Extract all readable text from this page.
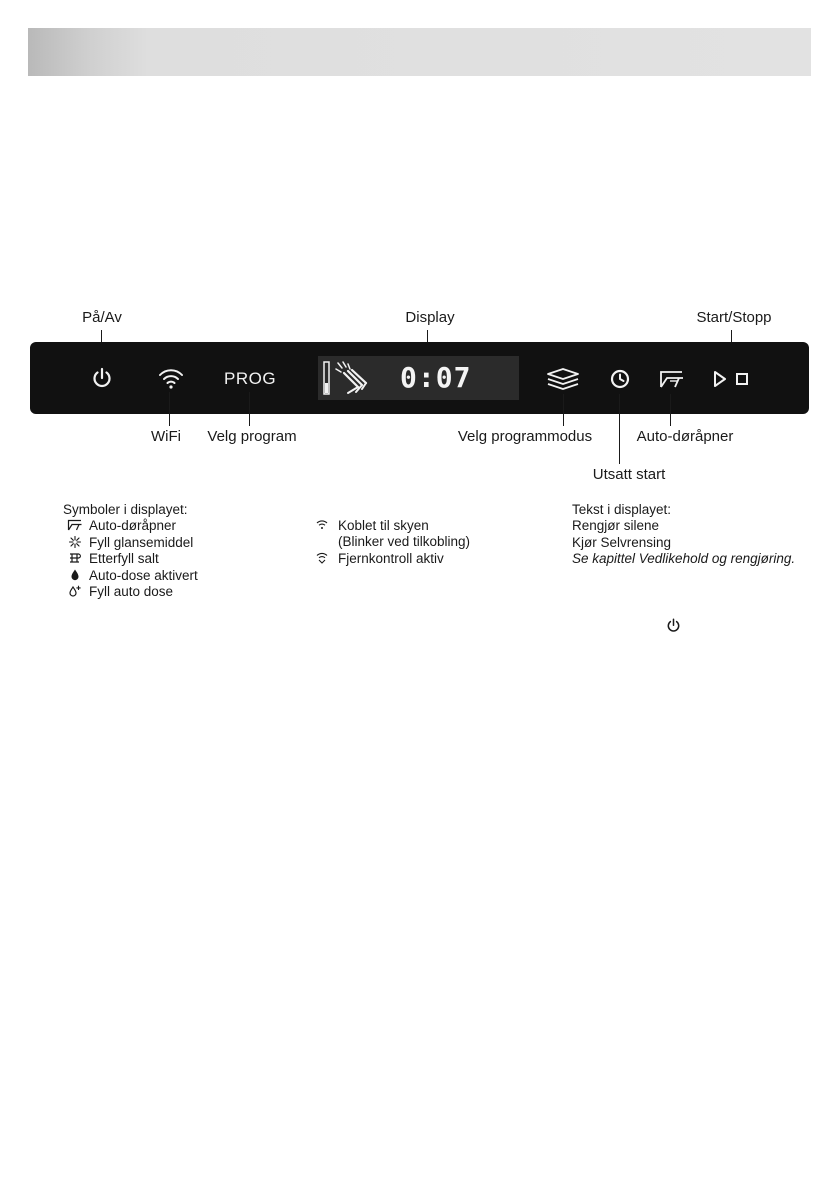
På/Av	Display	Start/Stopp
PROG	0:07
WiFi Velg program	Velg programmodus	Auto-døråpner
Utsatt start
Symboler i displayet:
Auto-døråpner
Fyll glansemiddel
Etterfyll salt
Auto-dose aktivert
Fyll auto dose
Koblet til skyen
(Blinker ved tilkobling)
Fjernkontroll aktiv
Tekst i displayet:
Rengjør silene
Kjør Selvrensing
Se kapittel Vedlikehold og rengjøring.
